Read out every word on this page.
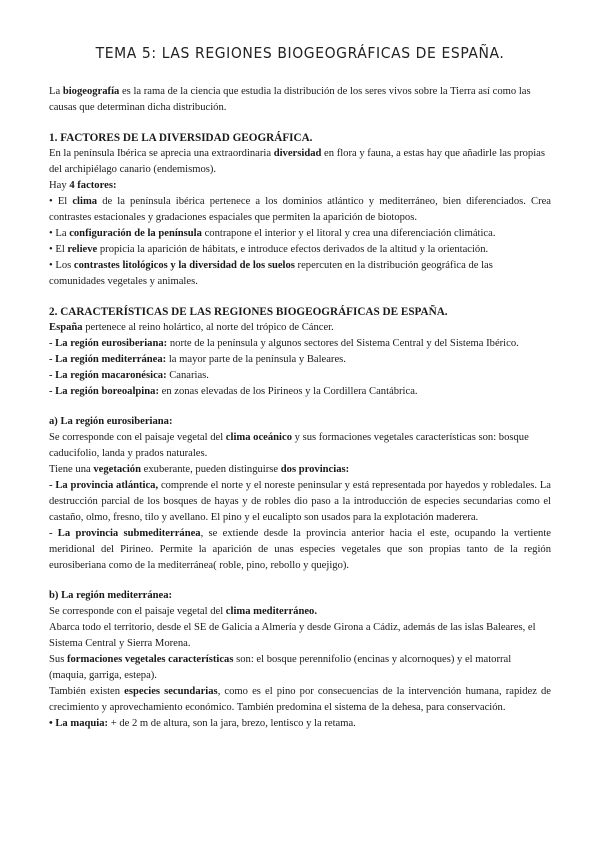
TEMA 5: LAS REGIONES BIOGEOGRÁFICAS DE ESPAÑA.

La biogeografía es la rama de la ciencia que estudia la distribución de los seres vivos sobre la Tierra así como las causas que determinan dicha distribución.

1. FACTORES DE LA DIVERSIDAD GEOGRÁFICA.

En la península Ibérica se aprecia una extraordinaria diversidad en flora y fauna, a estas hay que añadirle las propias del archipiélago canario (endemismos).

Hay 4 factores:

• El clima de la península ibérica pertenece a los dominios atlántico y mediterráneo, bien diferenciados. Crea contrastes estacionales y gradaciones espaciales que permiten la aparición de biotopos.

• La configuración de la península contrapone el interior y el litoral y crea una diferenciación climática.

• El relieve propicia la aparición de hábitats, e introduce efectos derivados de la altitud y la orientación.

• Los contrastes litológicos y la diversidad de los suelos repercuten en la distribución geográfica de las comunidades vegetales y animales.

2. CARACTERÍSTICAS DE LAS REGIONES BIOGEOGRÁFICAS DE ESPAÑA.

España pertenece al reino holártico, al norte del trópico de Cáncer.

- La región eurosiberiana: norte de la península y algunos sectores del Sistema Central y del Sistema Ibérico.

- La región mediterránea: la mayor parte de la península y Baleares.

- La región macaronésica: Canarias.

- La región boreoalpina: en zonas elevadas de los Pirineos y la Cordillera Cantábrica.

a) La región eurosiberiana:

Se corresponde con el paisaje vegetal del clima oceánico y sus formaciones vegetales características son: bosque caducifolio, landa y prados naturales.

Tiene una vegetación exuberante, pueden distinguirse dos provincias:

- La provincia atlántica, comprende el norte y el noreste peninsular y está representada por hayedos y robledales. La destrucción parcial de los bosques de hayas y de robles dio paso a la introducción de especies secundarias como el castaño, olmo, fresno, tilo y avellano. El pino y el eucalipto son usados para la explotación maderera.

- La provincia submediterránea, se extiende desde la provincia anterior hacia el este, ocupando la vertiente meridional del Pirineo. Permite la aparición de unas especies vegetales que son propias tanto de la región eurosiberiana como de la mediterránea( roble, pino, rebollo y quejigo).

b) La región mediterránea:

Se corresponde con el paisaje vegetal del clima mediterráneo.

Abarca todo el territorio, desde el SE de Galicia a Almería y desde Girona a Cádiz, además de las islas Baleares, el Sistema Central y Sierra Morena.

Sus formaciones vegetales características son: el bosque perennifolio (encinas y alcornoques) y el matorral (maquia, garriga, estepa).

También existen especies secundarias, como es el pino por consecuencias de la intervención humana, rapidez de crecimiento y aprovechamiento económico. También predomina el sistema de la dehesa, para conservación.

• La maquia: + de 2 m de altura, son la jara, brezo, lentisco y la retama.
